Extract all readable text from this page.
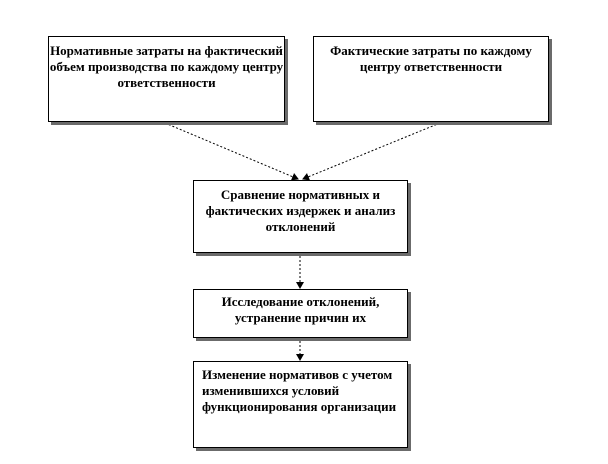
Нормативные затраты на фактический объем производства по каждому центру ответственности
Фактические затраты по каждому центру ответственности
Сравнение нормативных и фактических издержек и анализ отклонений
Исследование отклонений, устранение причин их
Изменение нормативов с учетом изменившихся условий функционирования организации
